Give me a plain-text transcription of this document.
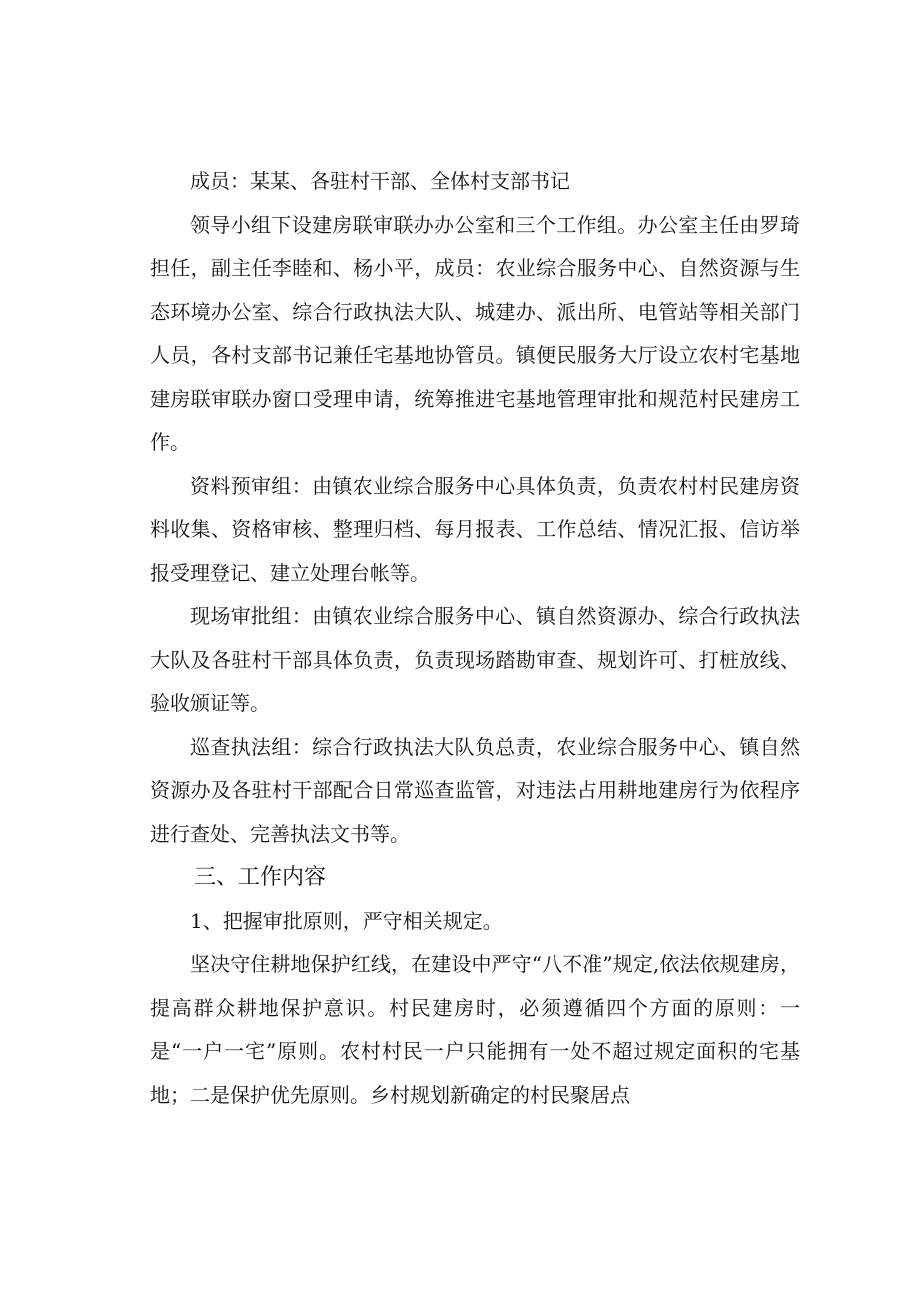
成员：某某、各驻村干部、全体村支部书记

领导小组下设建房联审联办办公室和三个工作组。办公室主任由罗琦担任，副主任李睦和、杨小平，成员：农业综合服务中心、自然资源与生态环境办公室、综合行政执法大队、城建办、派出所、电管站等相关部门人员，各村支部书记兼任宅基地协管员。镇便民服务大厅设立农村宅基地建房联审联办窗口受理申请，统筹推进宅基地管理审批和规范村民建房工作。

资料预审组：由镇农业综合服务中心具体负责，负责农村村民建房资料收集、资格审核、整理归档、每月报表、工作总结、情况汇报、信访举报受理登记、建立处理台帐等。

现场审批组：由镇农业综合服务中心、镇自然资源办、综合行政执法大队及各驻村干部具体负责，负责现场踏勘审查、规划许可、打桩放线、验收颁证等。

巡查执法组：综合行政执法大队负总责，农业综合服务中心、镇自然资源办及各驻村干部配合日常巡查监管，对违法占用耕地建房行为依程序进行查处、完善执法文书等。

三、工作内容

1、把握审批原则，严守相关规定。

坚决守住耕地保护红线，在建设中严守“八不准”规定,依法依规建房，提高群众耕地保护意识。村民建房时，必须遵循四个方面的原则：一是“一户一宅”原则。农村村民一户只能拥有一处不超过规定面积的宅基地；二是保护优先原则。乡村规划新确定的村民聚居点
